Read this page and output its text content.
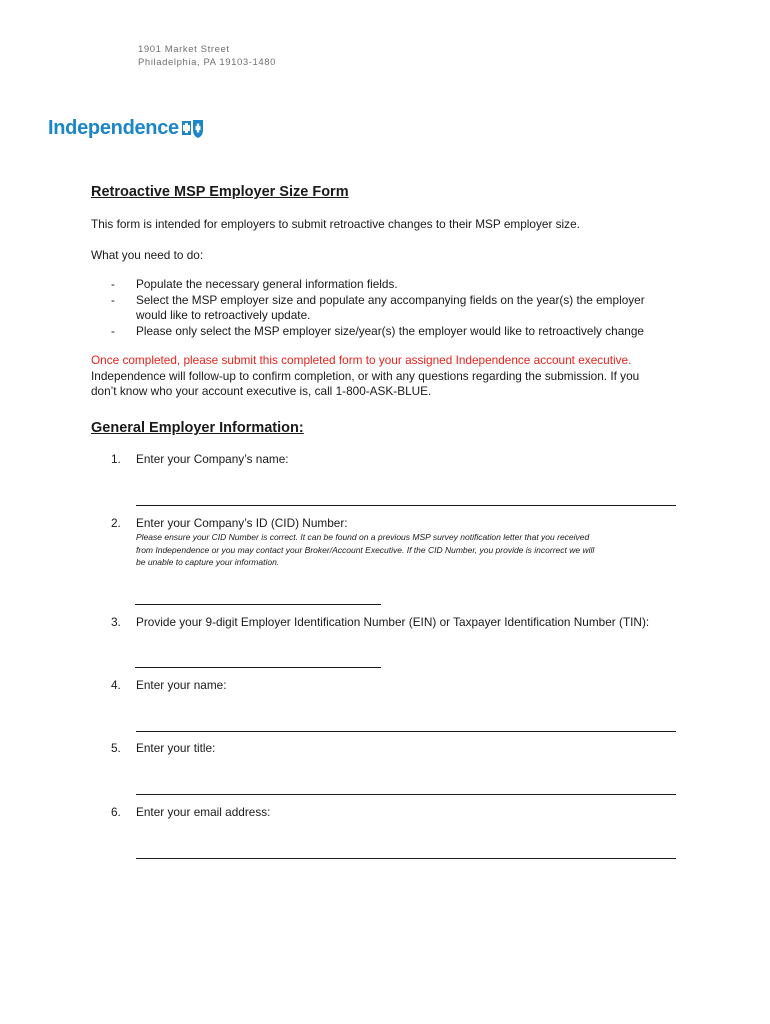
1901 Market Street
Philadelphia, PA 19103-1480
Independence
Retroactive MSP Employer Size Form
This form is intended for employers to submit retroactive changes to their MSP employer size.
What you need to do:
-	Populate the necessary general information fields.
-	Select the MSP employer size and populate any accompanying fields on the year(s) the employer
would like to retroactively update.
-	Please only select the MSP employer size/year(s) the employer would like to retroactively change
Once completed, please submit this completed form to your assigned Independence account executive.
Independence will follow-up to confirm completion, or with any questions regarding the submission. If you
don’t know who your account executive is, call 1-800-ASK-BLUE.
General Employer Information:
1.	Enter your Company’s name:
2.	Enter your Company’s ID (CID) Number:
Please ensure your CID Number is correct. It can be found on a previous MSP survey notification letter that you received
from Independence or you may contact your Broker/Account Executive. If the CID Number, you provide is incorrect we will
be unable to capture your information.
3.	Provide your 9-digit Employer Identification Number (EIN) or Taxpayer Identification Number (TIN):
4.	Enter your name:
5.	Enter your title:
6.	Enter your email address:
